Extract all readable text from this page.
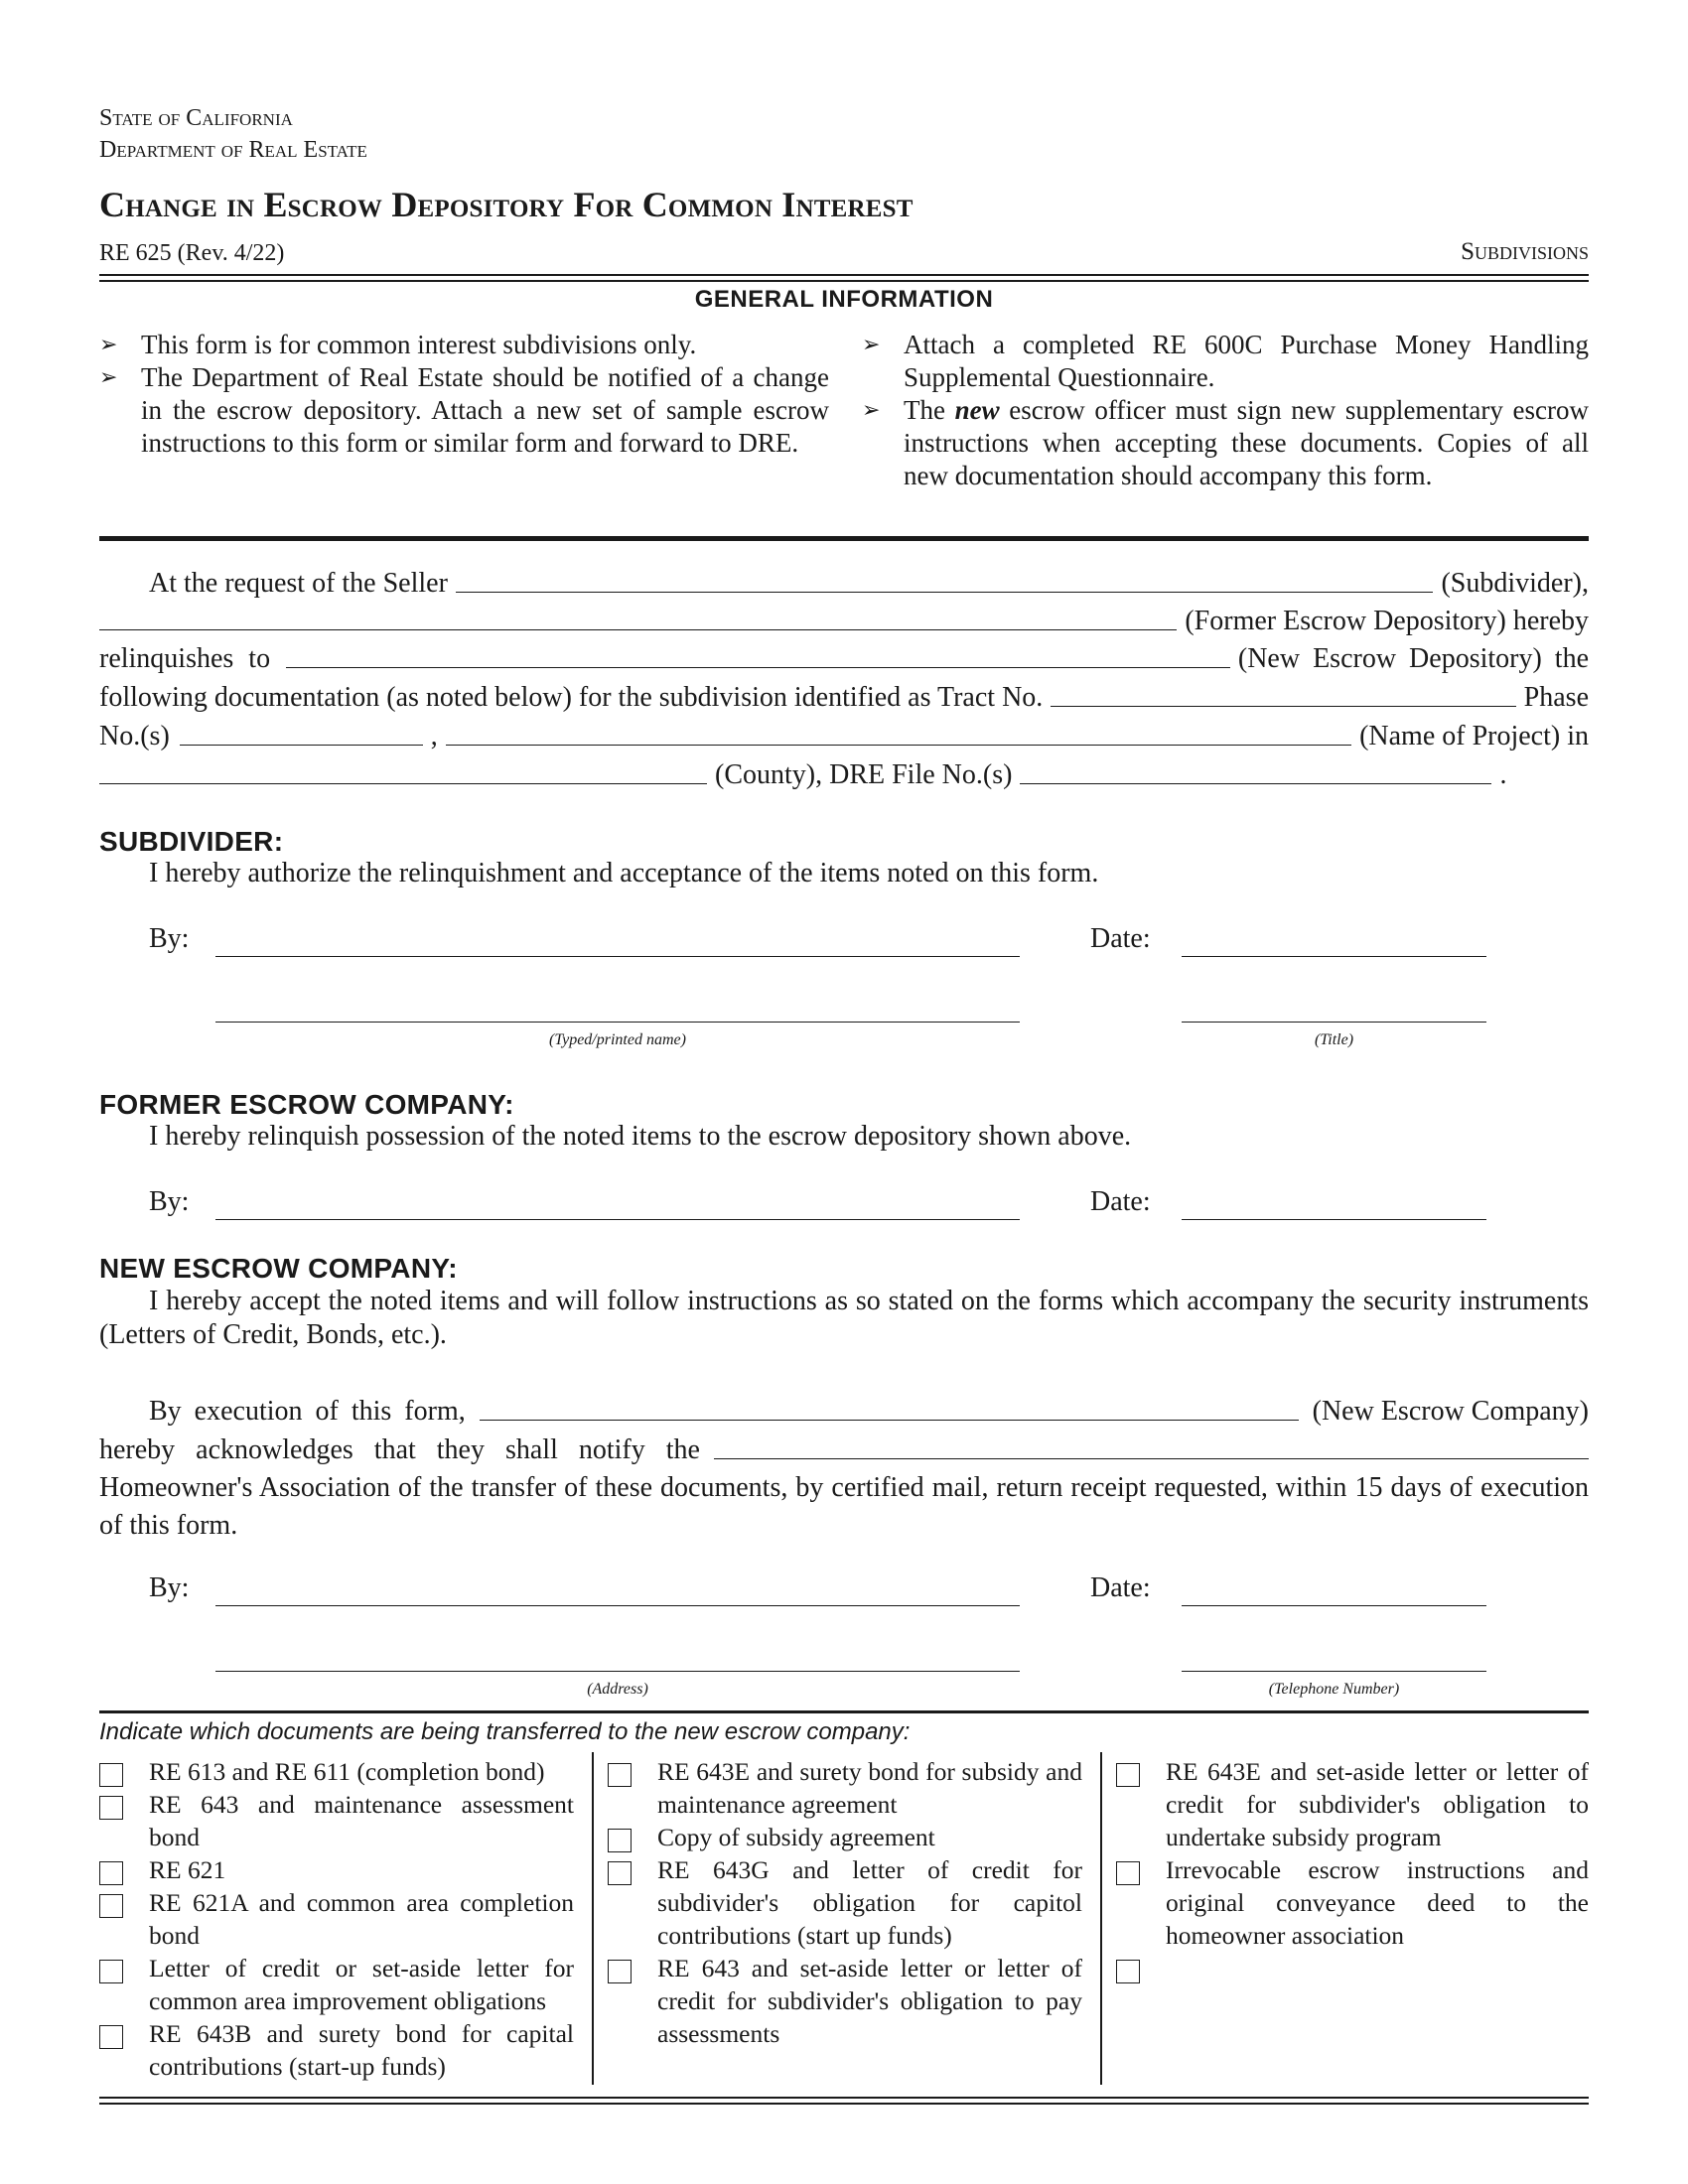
State of California
Department of Real Estate
Change in Escrow Depository For Common Interest
RE 625 (Rev. 4/22)	Subdivisions
GENERAL INFORMATION

➢ This form is for common interest subdivisions only.

➢ The Department of Real Estate should be notified of a change in the escrow depository. Attach a new set of sample escrow instructions to this form or similar form and forward to DRE.

➢ Attach a completed RE 600C Purchase Money Handling Supplemental Questionnaire.

➢ The new escrow officer must sign new supplementary escrow instructions when accepting these documents. Copies of all new documentation should accompany this form.

At the request of the Seller	(Subdivider),
(Former Escrow Depository) hereby
relinquishes to	(New Escrow Depository) the
following documentation (as noted below) for the subdivision identified as Tract No.	Phase
No.(s)	,	(Name of Project) in
(County), DRE File No.(s)	.
SUBDIVIDER:
I hereby authorize the relinquishment and acceptance of the items noted on this form.
By:	Date:
(Typed/printed name)	(Title)
FORMER ESCROW COMPANY:
I hereby relinquish possession of the noted items to the escrow depository shown above.
By:	Date:
NEW ESCROW COMPANY:
I hereby accept the noted items and will follow instructions as so stated on the forms which accompany the security instruments (Letters of Credit, Bonds, etc.).
By execution of this form,	(New Escrow Company)
hereby acknowledges that they shall notify the
Homeowner's Association of the transfer of these documents, by certified mail, return receipt requested, within 15 days of execution of this form.
By:	Date:
(Address)	(Telephone Number)
Indicate which documents are being transferred to the new escrow company:
RE 613 and RE 611 (completion bond)
RE 643 and maintenance assessment bond
RE 621
RE 621A and common area completion bond
Letter of credit or set-aside letter for common area improvement obligations
RE 643B and surety bond for capital contributions (start-up funds)
RE 643E and surety bond for subsidy and maintenance agreement
Copy of subsidy agreement
RE 643G and letter of credit for subdivider's obligation for capitol contributions (start up funds)
RE 643 and set-aside letter or letter of credit for subdivider's obligation to pay assessments
RE 643E and set-aside letter or letter of credit for subdivider's obligation to undertake subsidy program
Irrevocable escrow instructions and original conveyance deed to the homeowner association
